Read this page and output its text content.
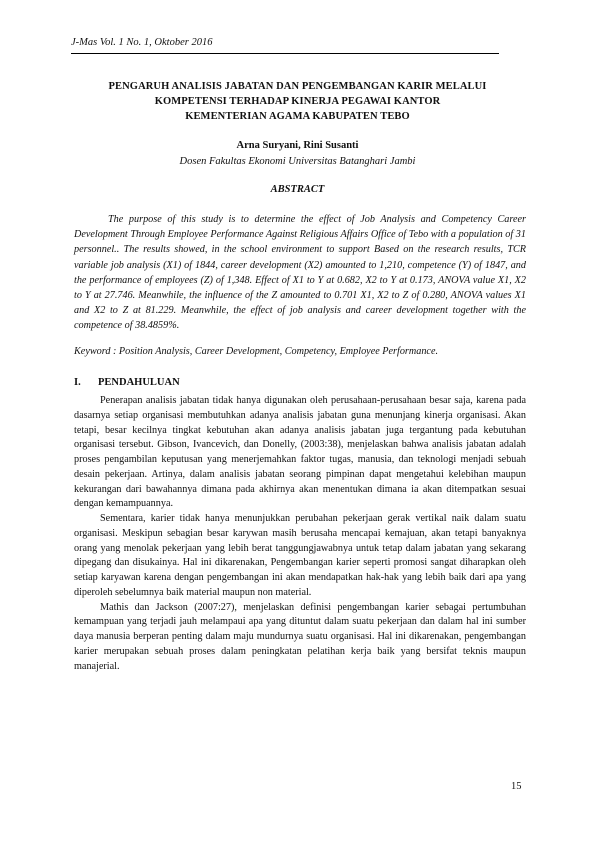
J-Mas Vol. 1 No. 1, Oktober 2016
PENGARUH ANALISIS JABATAN DAN PENGEMBANGAN KARIR MELALUI
KOMPETENSI TERHADAP KINERJA PEGAWAI KANTOR
KEMENTERIAN AGAMA KABUPATEN TEBO
Arna Suryani, Rini Susanti
Dosen Fakultas Ekonomi Universitas Batanghari Jambi
ABSTRACT

The purpose of this study is to determine the effect of Job Analysis and Competency Career Development Through Employee Performance Against Religious Affairs Office of Tebo with a population of 31 personnel.. The results showed, in the school environment to support Based on the research results, TCR variable job analysis (X1) of 1844, career development (X2) amounted to 1,210, competence (Y) of 1847, and the performance of employees (Z) of 1,348. Effect of X1 to Y at 0.682, X2 to Y at 0.173, ANOVA value X1, X2 to Y at 27.746. Meanwhile, the influence of the Z amounted to 0.701 X1, X2 to Z of 0.280, ANOVA values X1 and X2 to Z at 81.229. Meanwhile, the effect of job analysis and career development together with the competence of 38.4859%.

Keyword : Position Analysis, Career Development, Competency, Employee Performance.
I. PENDAHULUAN

Penerapan analisis jabatan tidak hanya digunakan oleh perusahaan-perusahaan besar saja, karena pada dasarnya setiap organisasi membutuhkan adanya analisis jabatan guna menunjang kinerja organisasi. Akan tetapi, besar kecilnya tingkat kebutuhan akan adanya analisis jabatan juga tergantung pada kebutuhan organisasi tersebut. Gibson, Ivancevich, dan Donelly, (2003:38), menjelaskan bahwa analisis jabatan adalah proses pengambilan keputusan yang menerjemahkan faktor tugas, manusia, dan teknologi menjadi sebuah desain pekerjaan. Artinya, dalam analisis jabatan seorang pimpinan dapat mengetahui kelebihan maupun kekurangan dari bawahannya dimana pada akhirnya akan menentukan dimana ia akan ditempatkan sesuai dengan kemampuannya.

Sementara, karier tidak hanya menunjukkan perubahan pekerjaan gerak vertikal naik dalam suatu organisasi. Meskipun sebagian besar karywan masih berusaha mencapai kemajuan, akan tetapi banyaknya orang yang menolak pekerjaan yang lebih berat tanggungjawabnya untuk tetap dalam jabatan yang sekarang dipegang dan disukainya. Hal ini dikarenakan, Pengembangan karier seperti promosi sangat diharapkan oleh setiap karyawan karena dengan pengembangan ini akan mendapatkan hak-hak yang lebih baik dari apa yang diperoleh sebelumnya baik material maupun non material.

Mathis dan Jackson (2007:27), menjelaskan definisi pengembangan karier sebagai pertumbuhan kemampuan yang terjadi jauh melampaui apa yang dituntut dalam suatu pekerjaan dan dalam hal ini sumber daya manusia berperan penting dalam maju mundurnya suatu organisasi. Hal ini dikarenakan, pengembangan karier merupakan sebuah proses dalam peningkatan pelatihan kerja baik yang bersifat teknis maupun manajerial.

15
